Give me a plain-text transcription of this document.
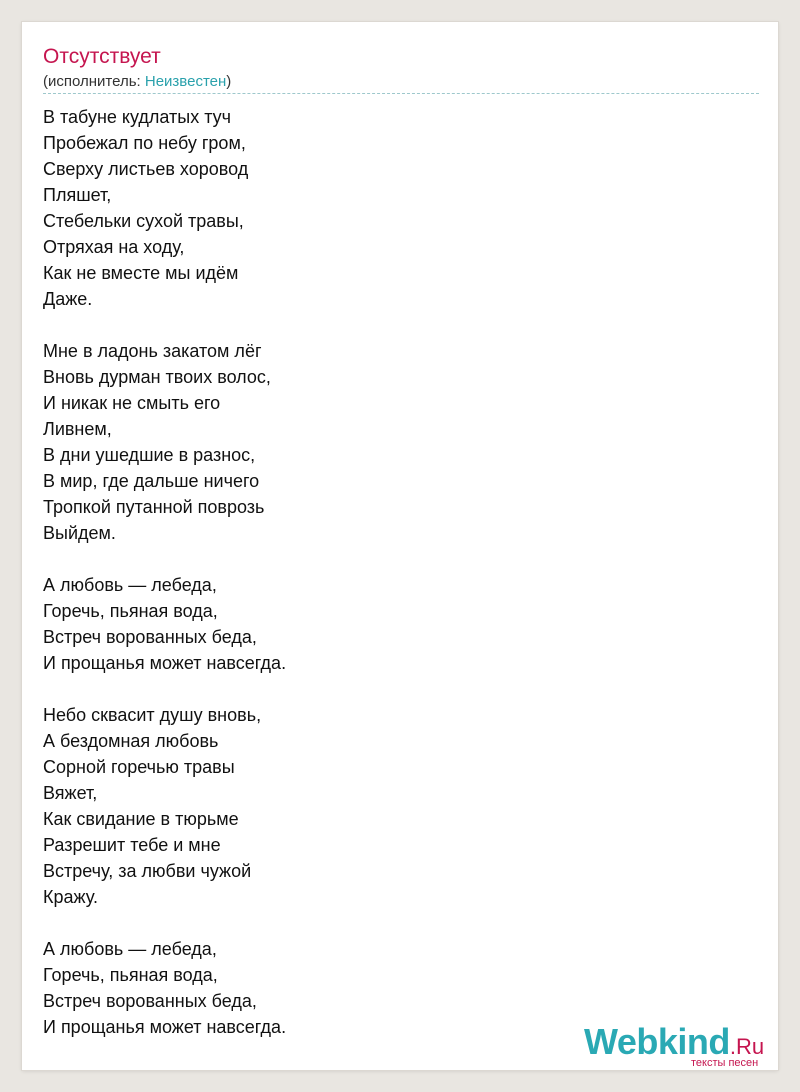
Отсутствует
(исполнитель: Неизвестен)
В табуне кудлатых туч
Пробежал по небу гром,
Сверху листьев хоровод
Пляшет,
Стебельки сухой травы,
Отряхая на ходу,
Как не вместе мы идём
Даже.
Мне в ладонь закатом лёг
Вновь дурман твоих волос,
И никак не смыть его
Ливнем,
В дни ушедшие в разнос,
В мир, где дальше ничего
Тропкой путанной поврозь
Выйдем.
А любовь — лебеда,
Горечь, пьяная вода,
Встреч ворованных беда,
И прощанья может навсегда.
Небо скваcит душу вновь,
А бездомная любовь
Сорной горечью травы
Вяжет,
Как свидание в тюрьме
Разрешит тебе и мне
Встречу, за любви чужой
Кражу.
А любовь — лебеда,
Горечь, пьяная вода,
Встреч ворованных беда,
И прощанья может навсегда.	Webkind.Ru
тексты песен
